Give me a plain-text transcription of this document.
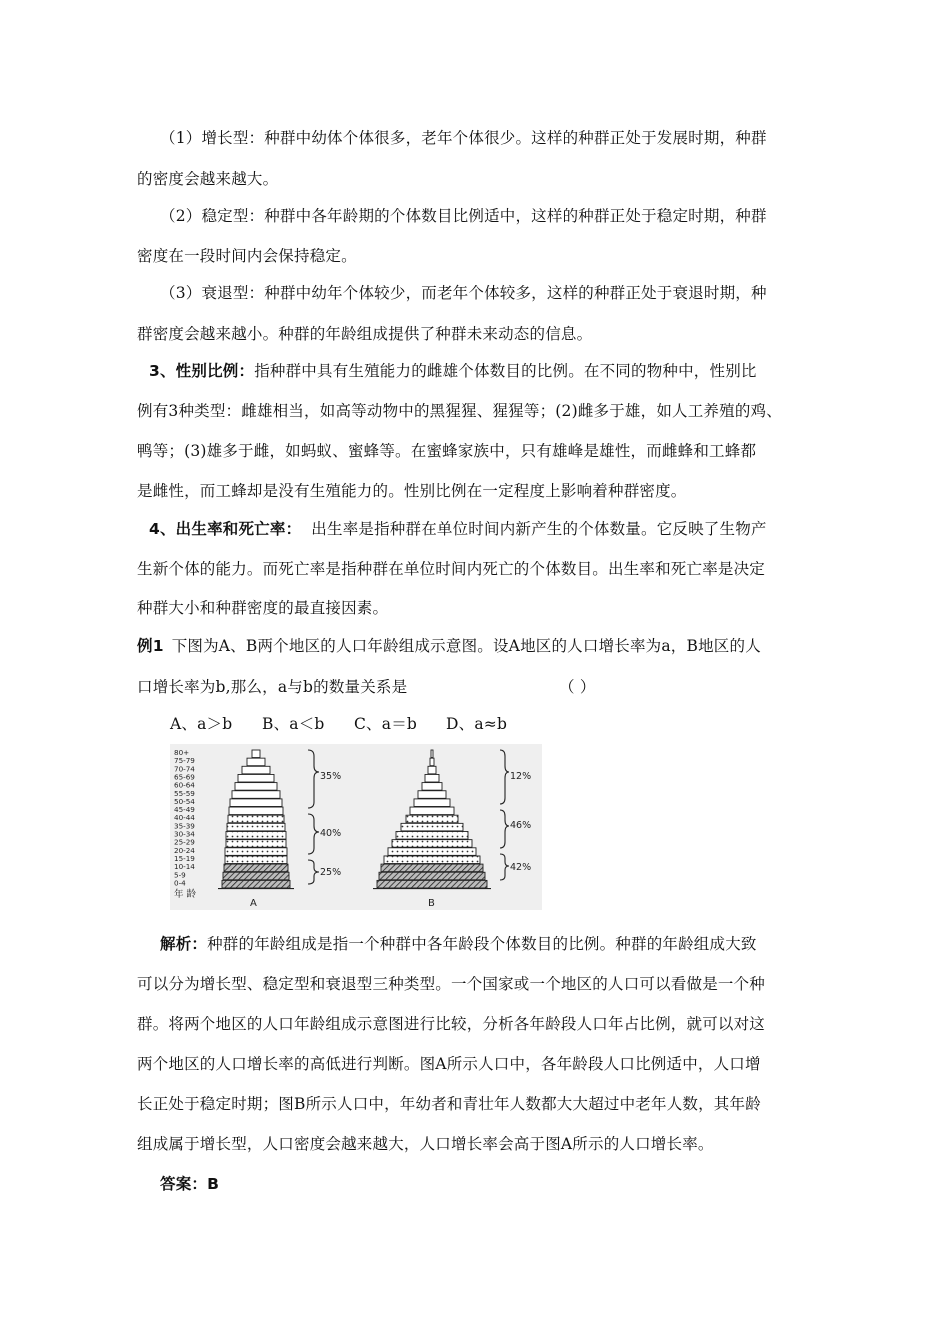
（1）增长型：种群中幼体个体很多，老年个体很少。这样的种群正处于发展时期，种群
的密度会越来越大。
（2）稳定型：种群中各年龄期的个体数目比例适中，这样的种群正处于稳定时期，种群
密度在一段时间内会保持稳定。
（3）衰退型：种群中幼年个体较少，而老年个体较多，这样的种群正处于衰退时期，种
群密度会越来越小。种群的年龄组成提供了种群未来动态的信息。
3、性别比例：指种群中具有生殖能力的雌雄个体数目的比例。在不同的物种中，性别比
例有3种类型：雌雄相当，如高等动物中的黑猩猩、猩猩等；(2)雌多于雄，如人工养殖的鸡、
鸭等；(3)雄多于雌，如蚂蚁、蜜蜂等。在蜜蜂家族中，只有雄峰是雄性，而雌蜂和工蜂都
是雌性，而工蜂却是没有生殖能力的。性别比例在一定程度上影响着种群密度。
4、出生率和死亡率： 出生率是指种群在单位时间内新产生的个体数量。它反映了生物产
生新个体的能力。而死亡率是指种群在单位时间内死亡的个体数目。出生率和死亡率是决定
种群大小和种群密度的最直接因素。
例1 下图为A、B两个地区的人口年龄组成示意图。设A地区的人口增长率为a，B地区的人
口增长率为b,那么，a与b的数量关系是	（ ）
A、a＞b B、a＜b C、a＝b D、a≈b
80+
75-79
70-74
65-69
60-64
55-59
50-54
45-49
40-44
35-39
30-34
25-29
20-24
15-19
10-14
5-9
0-4
年 龄
A	B
35%
40%
25%
12%
46%
42%
解析：种群的年龄组成是指一个种群中各年龄段个体数目的比例。种群的年龄组成大致
可以分为增长型、稳定型和衰退型三种类型。一个国家或一个地区的人口可以看做是一个种
群。将两个地区的人口年龄组成示意图进行比较，分析各年龄段人口年占比例，就可以对这
两个地区的人口增长率的高低进行判断。图A所示人口中，各年龄段人口比例适中，人口增
长正处于稳定时期；图B所示人口中，年幼者和青壮年人数都大大超过中老年人数，其年龄
组成属于增长型，人口密度会越来越大，人口增长率会高于图A所示的人口增长率。
答案：B
